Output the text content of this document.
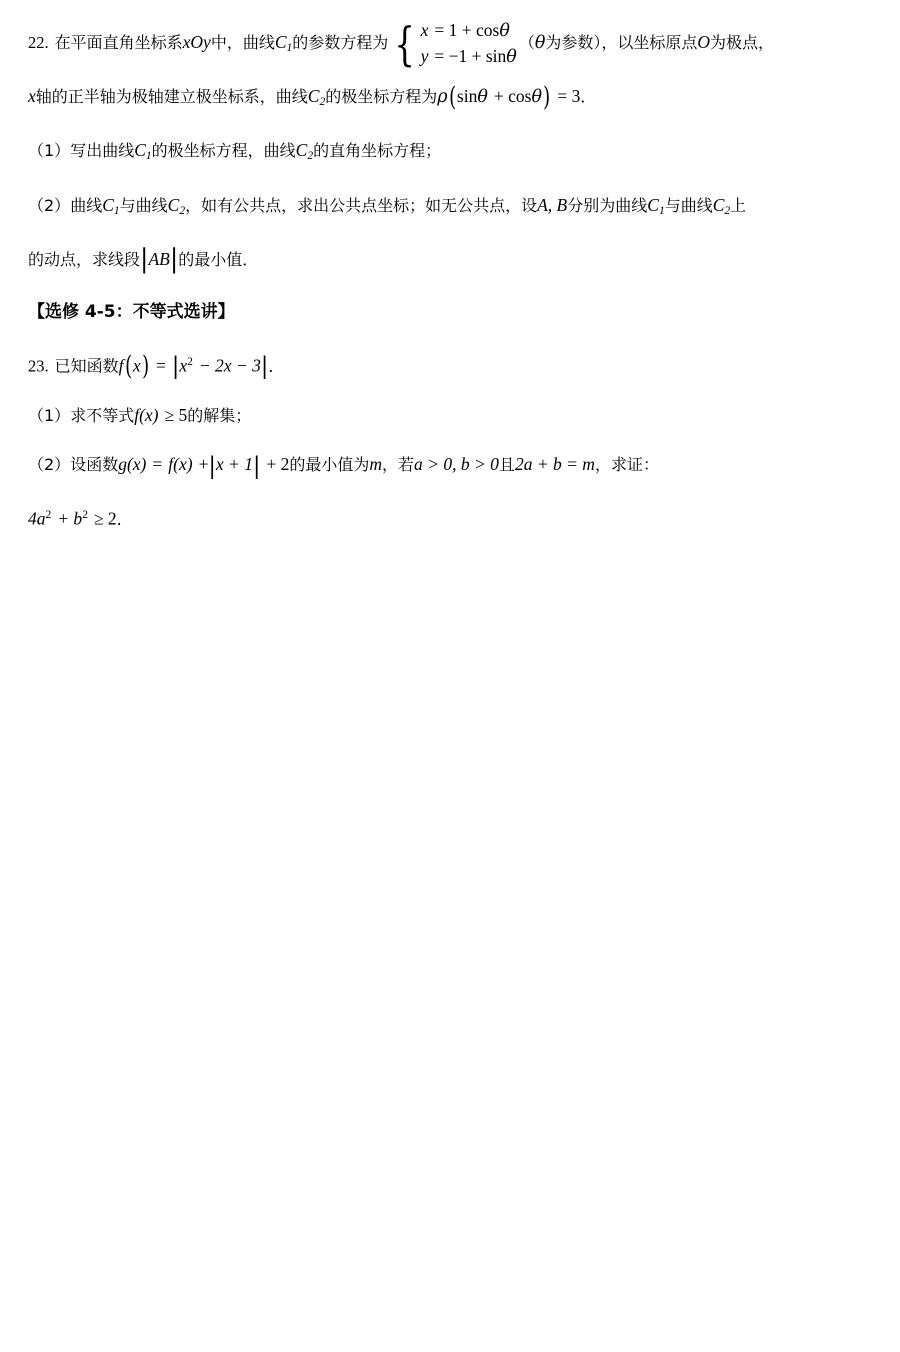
22. 在平面直角坐标系xOy中，曲线$C_1$的参数方程为 { x = 1 + cosθ
y = −1 + sinθ
（θ为参数），以坐标原点O为极点，
x轴的正半轴为极轴建立极坐标系，曲线$C_2$的极坐标方程为ρ(sinθ + cosθ) = 3．
（1）写出曲线$C_1$的极坐标方程，曲线$C_2$的直角坐标方程；
（2）曲线$C_1$与曲线$C_2$，如有公共点，求出公共点坐标；如无公共点，设A, B分别为曲线$C_1$与曲线$C_2$上
的动点，求线段|AB|的最小值．
【选修 4-5：不等式选讲】
23. 已知函数$f(x) = |x^2 - 2x - 3|$．
（1）求不等式f(x) ≥ 5的解集；
（2）设函数g(x) = f(x) +|x + 1| + 2的最小值为m，若a > 0, b > 0且2a + b = m，求证：
$4a^2 + b^2 \ge 2$．
